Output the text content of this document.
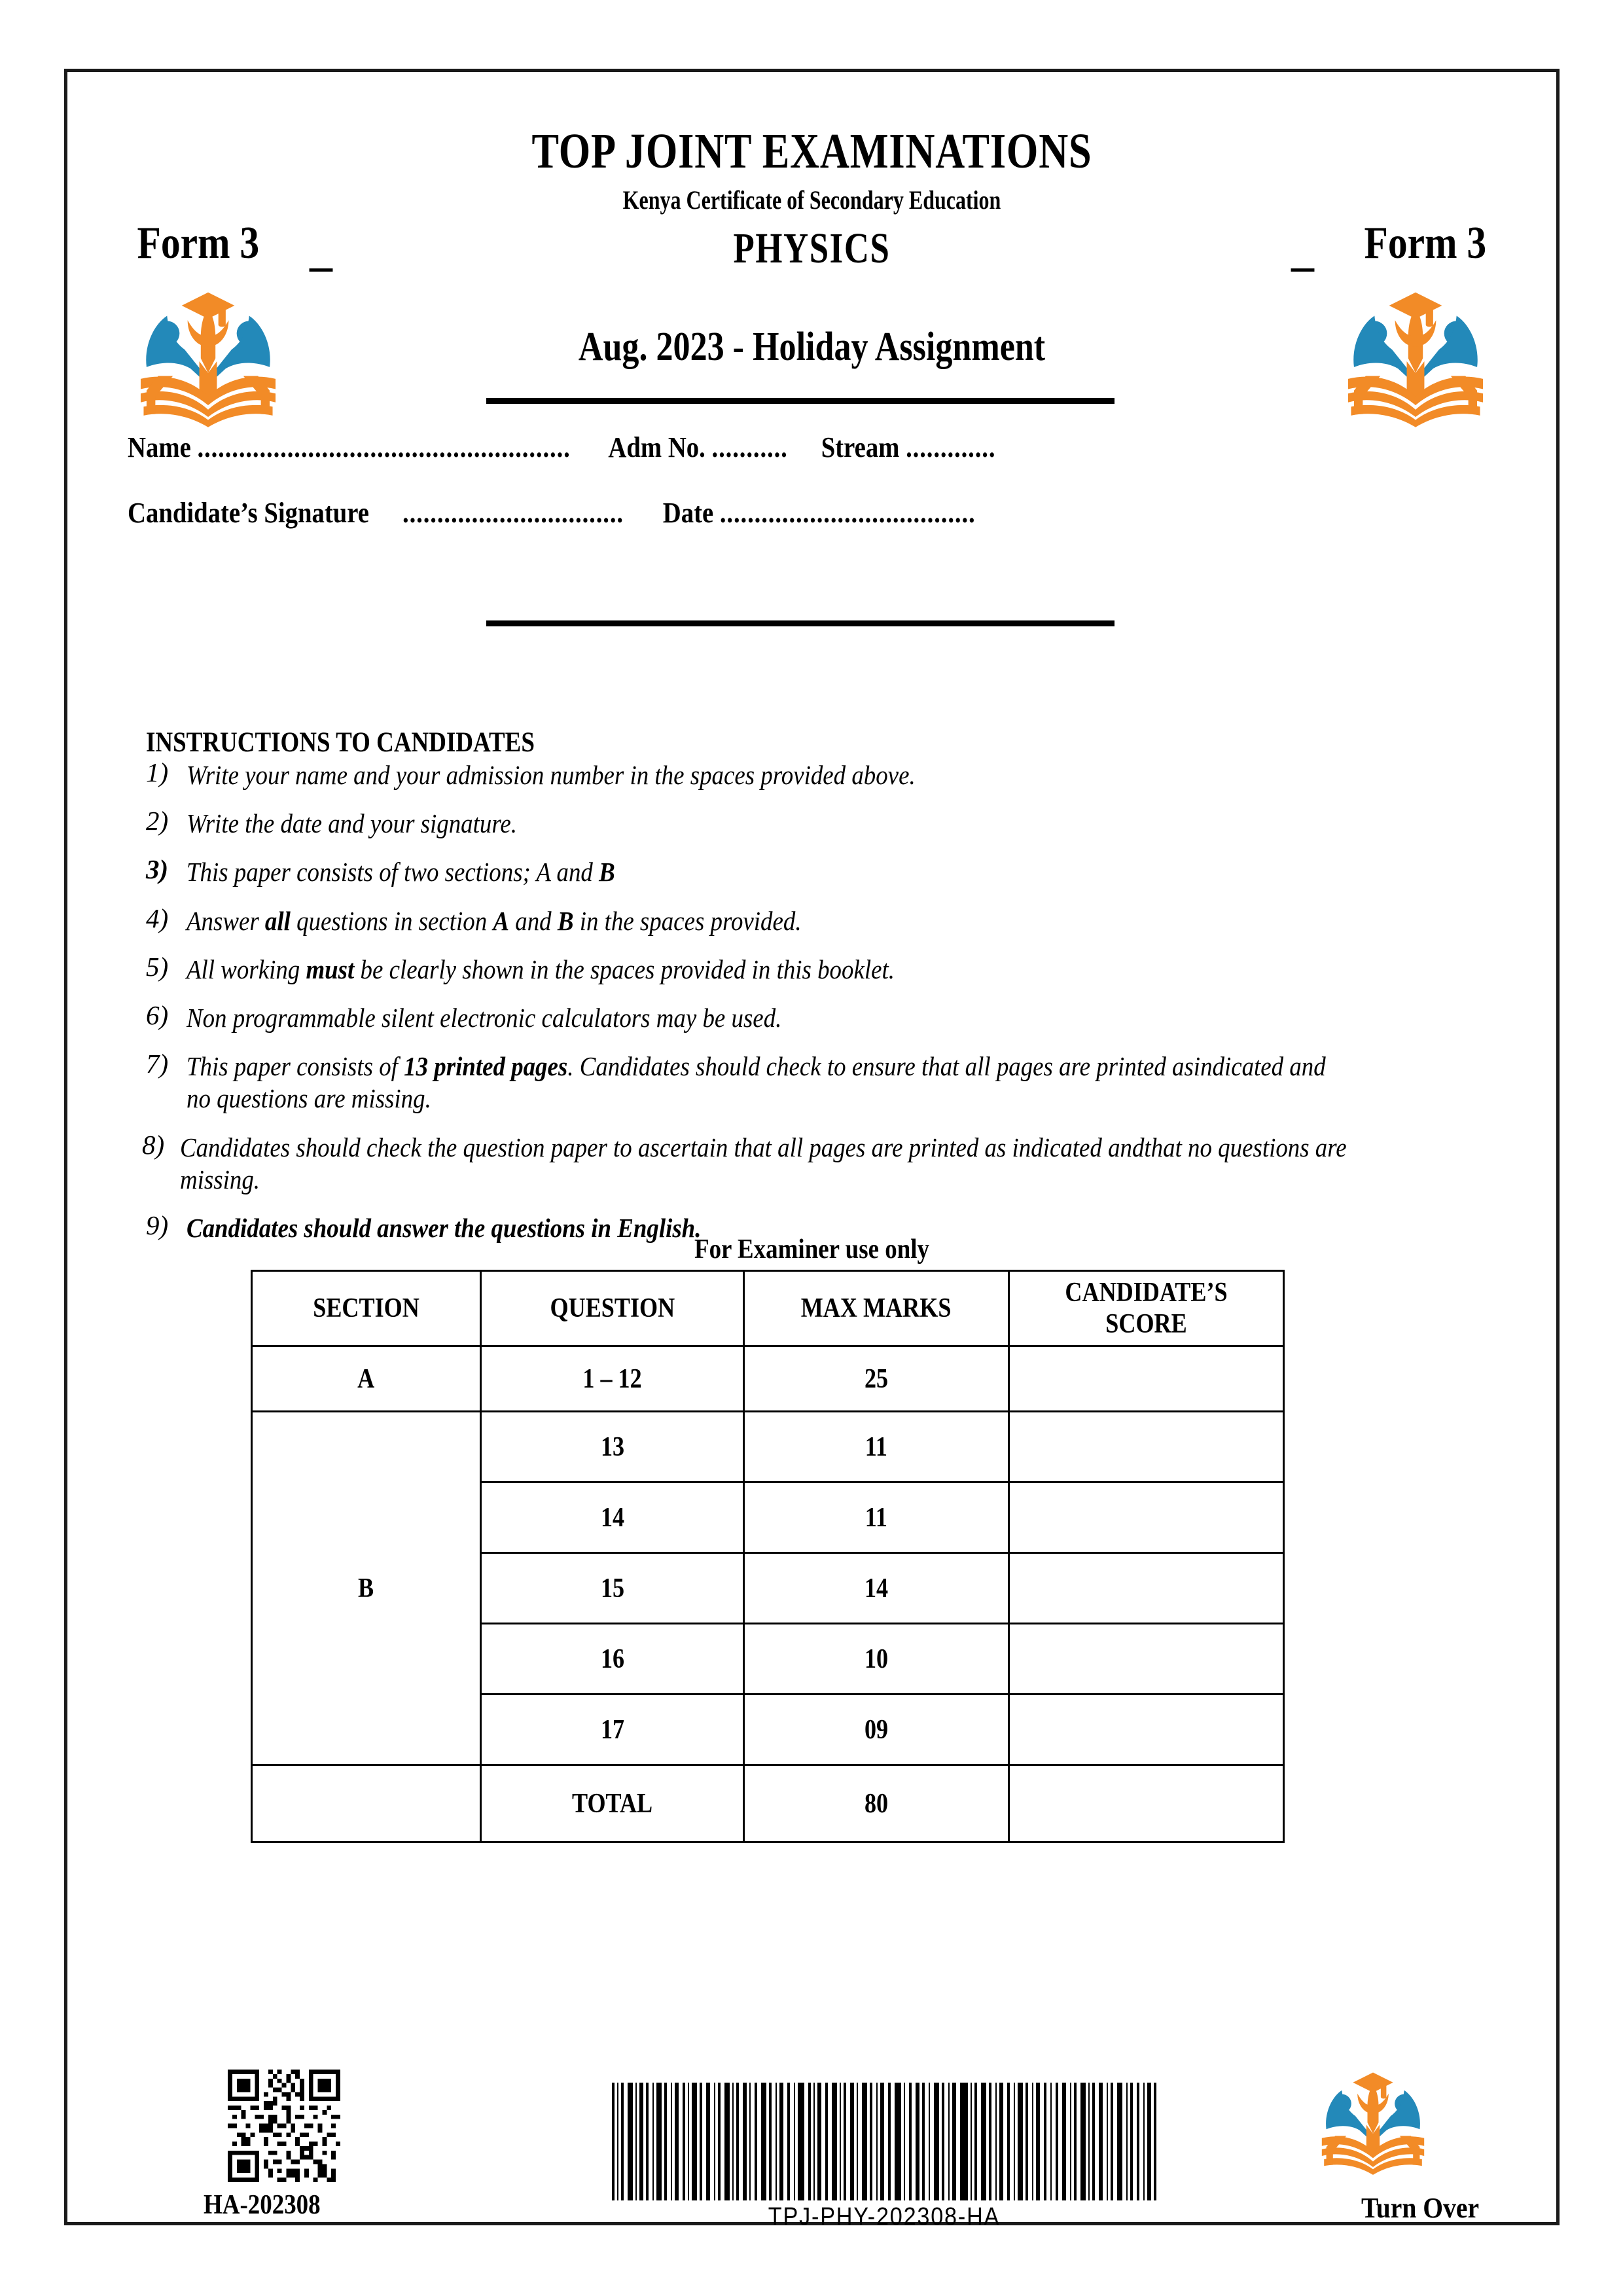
TOP JOINT EXAMINATIONS
Kenya Certificate of Secondary Education
Form 3 –	PHYSICS	– Form 3
Aug. 2023 - Holiday Assignment
Name ...................................................... Adm No. ........... Stream .............
Candidate’s Signature ................................ Date .....................................
INSTRUCTIONS TO CANDIDATES
1) Write your name and your admission number in the spaces provided above.
2) Write the date and your signature.
3) This paper consists of two sections; A and B
4) Answer all questions in section A and B in the spaces provided.
5) All working must be clearly shown in the spaces provided in this booklet.
6) Non programmable silent electronic calculators may be used.
7) This paper consists of 13 printed pages. Candidates should check to ensure that all pages are printed asindicated and no questions are missing.
8) Candidates should check the question paper to ascertain that all pages are printed as indicated andthat no questions are missing.
9) Candidates should answer the questions in English.
For Examiner use only
SECTION	QUESTION	MAX MARKS	CANDIDATE’S SCORE
A	1 – 12	25	
B	13	11	
	14	11	
	15	14	
	16	10	
	17	09	
	TOTAL	80	
HA-202308	TPJ-PHY-202308-HA	Turn Over
